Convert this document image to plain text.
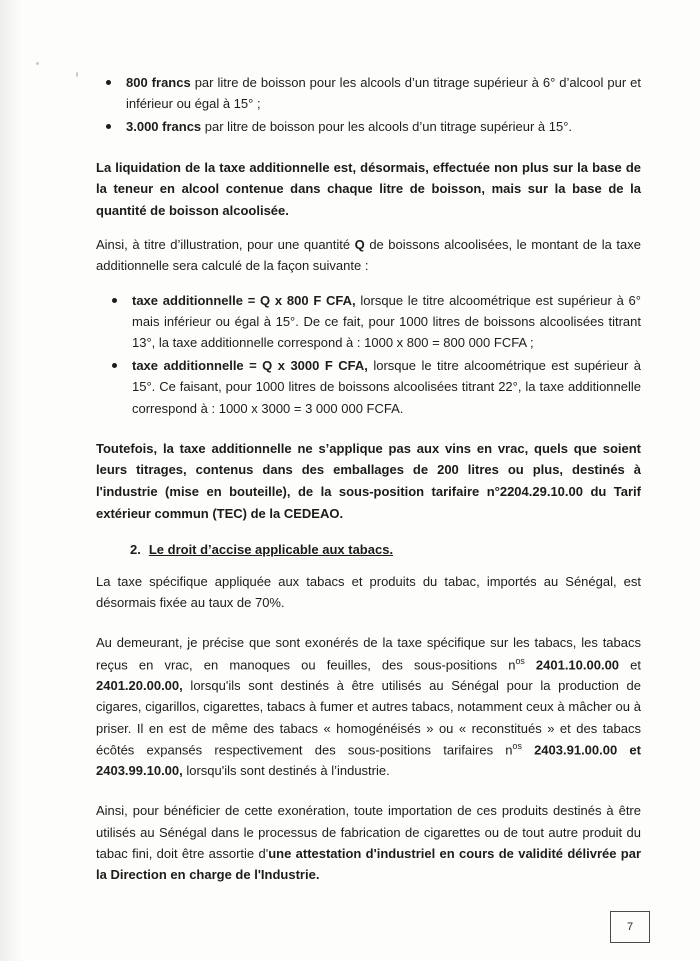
800 francs par litre de boisson pour les alcools d’un titrage supérieur à 6° d’alcool pur et inférieur ou égal à 15° ;
3.000 francs par litre de boisson pour les alcools d’un titrage supérieur à 15°.
La liquidation de la taxe additionnelle est, désormais, effectuée non plus sur la base de la teneur en alcool contenue dans chaque litre de boisson, mais sur la base de la quantité de boisson alcoolisée.

Ainsi, à titre d’illustration, pour une quantité Q de boissons alcoolisées, le montant de la taxe additionnelle sera calculé de la façon suivante :

taxe additionnelle = Q x 800 F CFA, lorsque le titre alcoométrique est supérieur à 6° mais inférieur ou égal à 15°. De ce fait, pour 1000 litres de boissons alcoolisées titrant 13°, la taxe additionnelle correspond à : 1000 x 800 = 800 000 FCFA ;
taxe additionnelle = Q x 3000 F CFA, lorsque le titre alcoométrique est supérieur à 15°. Ce faisant, pour 1000 litres de boissons alcoolisées titrant 22°, la taxe additionnelle correspond à : 1000 x 3000 = 3 000 000 FCFA.
Toutefois, la taxe additionnelle ne s’applique pas aux vins en vrac, quels que soient leurs titrages, contenus dans des emballages de 200 litres ou plus, destinés à l'industrie (mise en bouteille), de la sous-position tarifaire n°2204.29.10.00 du Tarif extérieur commun (TEC) de la CEDEAO.
2. Le droit d’accise applicable aux tabacs.

La taxe spécifique appliquée aux tabacs et produits du tabac, importés au Sénégal, est désormais fixée au taux de 70%.

Au demeurant, je précise que sont exonérés de la taxe spécifique sur les tabacs, les tabacs reçus en vrac, en manoques ou feuilles, des sous-positions $n^{os}$ 2401.10.00.00 et 2401.20.00.00, lorsqu'ils sont destinés à être utilisés au Sénégal pour la production de cigares, cigarillos, cigarettes, tabacs à fumer et autres tabacs, notamment ceux à mâcher ou à priser. Il en est de même des tabacs « homogénéisés » ou « reconstitués » et des tabacs écôtés expansés respectivement des sous-positions tarifaires $n^{os}$ 2403.91.00.00 et 2403.99.10.00, lorsqu'ils sont destinés à l’industrie.

Ainsi, pour bénéficier de cette exonération, toute importation de ces produits destinés à être utilisés au Sénégal dans le processus de fabrication de cigarettes ou de tout autre produit du tabac fini, doit être assortie d'une attestation d'industriel en cours de validité délivrée par la Direction en charge de l'Industrie.

7
